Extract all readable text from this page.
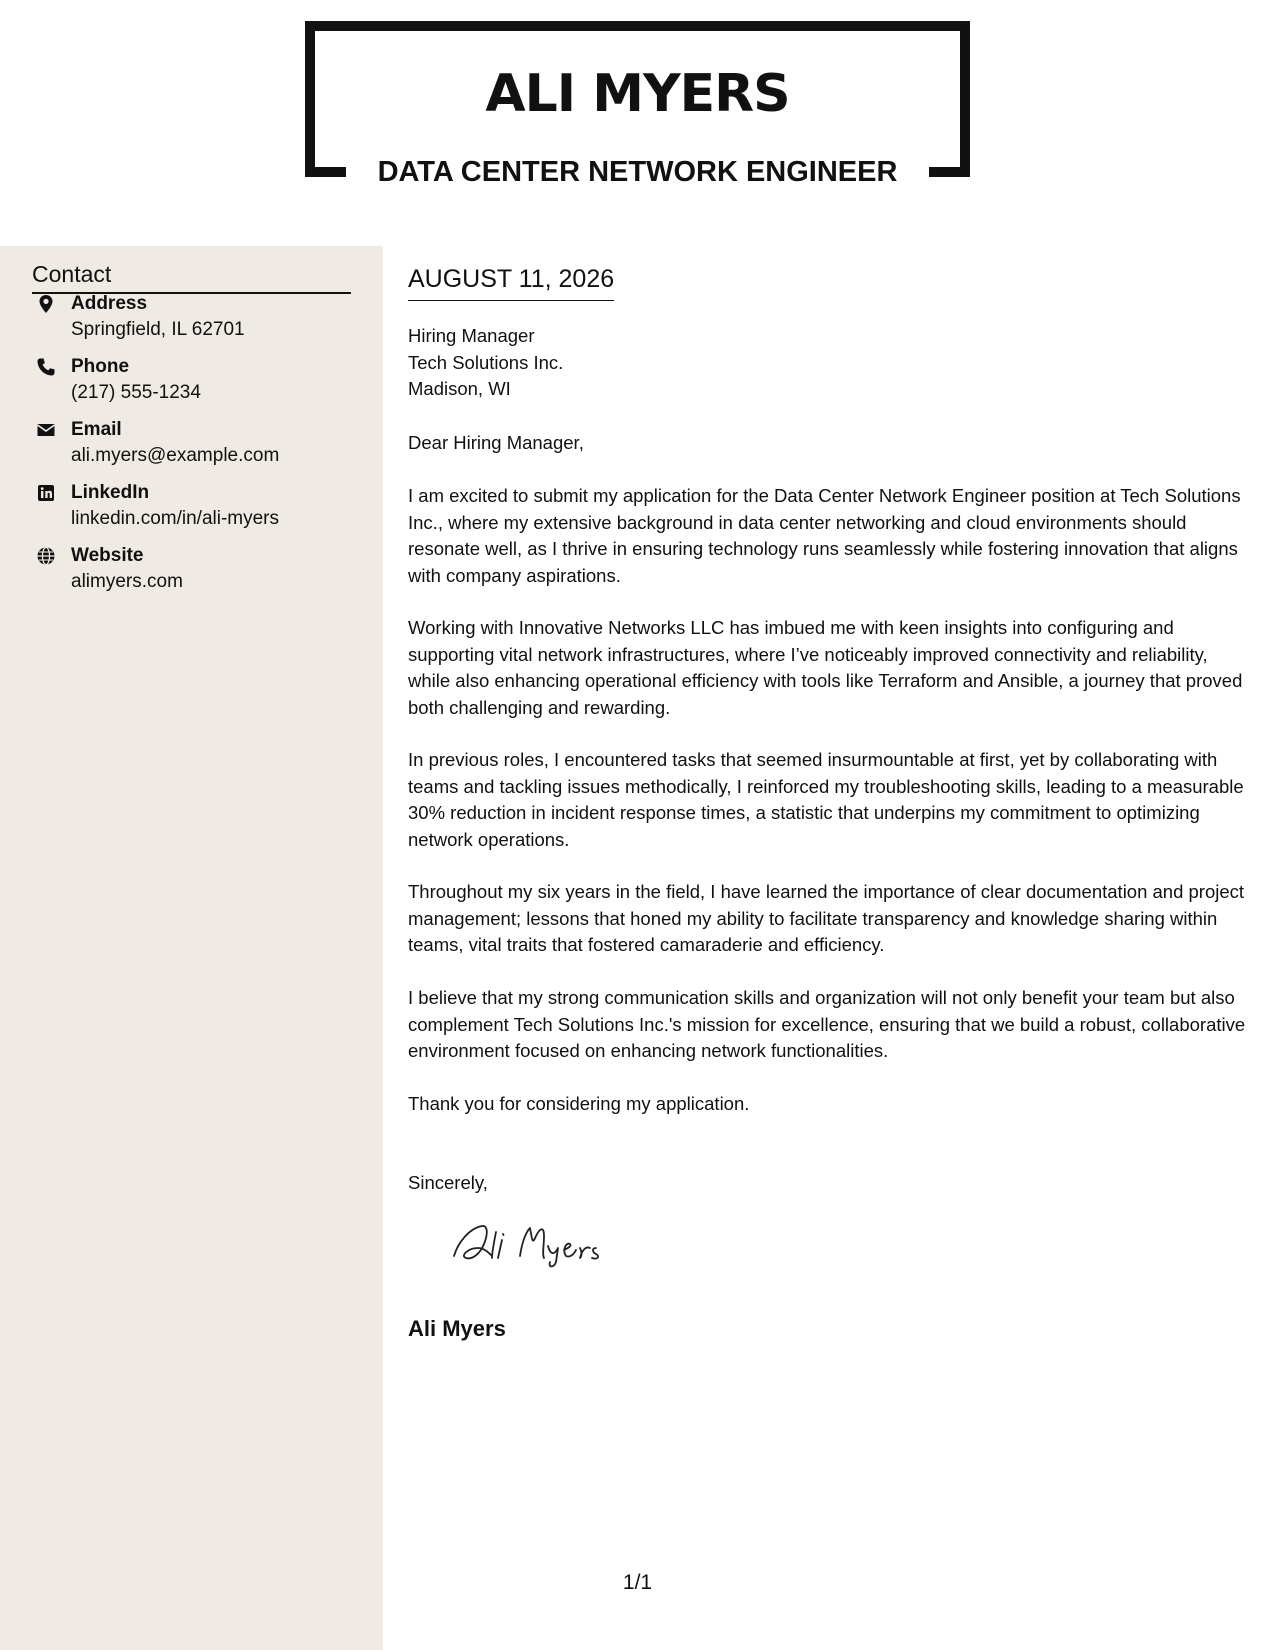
ALI MYERS
DATA CENTER NETWORK ENGINEER
Contact
Address
Springfield, IL 62701
Phone
(217) 555-1234
Email
ali.myers@example.com
LinkedIn
linkedin.com/in/ali-myers
Website
alimyers.com
AUGUST 11, 2026
Hiring Manager
Tech Solutions Inc.
Madison, WI
Dear Hiring Manager,

I am excited to submit my application for the Data Center Network Engineer position at Tech Solutions Inc., where my extensive background in data center networking and cloud environments should resonate well, as I thrive in ensuring technology runs seamlessly while fostering innovation that aligns with company aspirations.

Working with Innovative Networks LLC has imbued me with keen insights into configuring and supporting vital network infrastructures, where I’ve noticeably improved connectivity and reliability, while also enhancing operational efficiency with tools like Terraform and Ansible, a journey that proved both challenging and rewarding.

In previous roles, I encountered tasks that seemed insurmountable at first, yet by collaborating with teams and tackling issues methodically, I reinforced my troubleshooting skills, leading to a measurable 30% reduction in incident response times, a statistic that underpins my commitment to optimizing network operations.

Throughout my six years in the field, I have learned the importance of clear documentation and project management; lessons that honed my ability to facilitate transparency and knowledge sharing within teams, vital traits that fostered camaraderie and efficiency.

I believe that my strong communication skills and organization will not only benefit your team but also complement Tech Solutions Inc.'s mission for excellence, ensuring that we build a robust, collaborative environment focused on enhancing network functionalities.

Thank you for considering my application.

Sincerely,
Ali Myers
1/1
